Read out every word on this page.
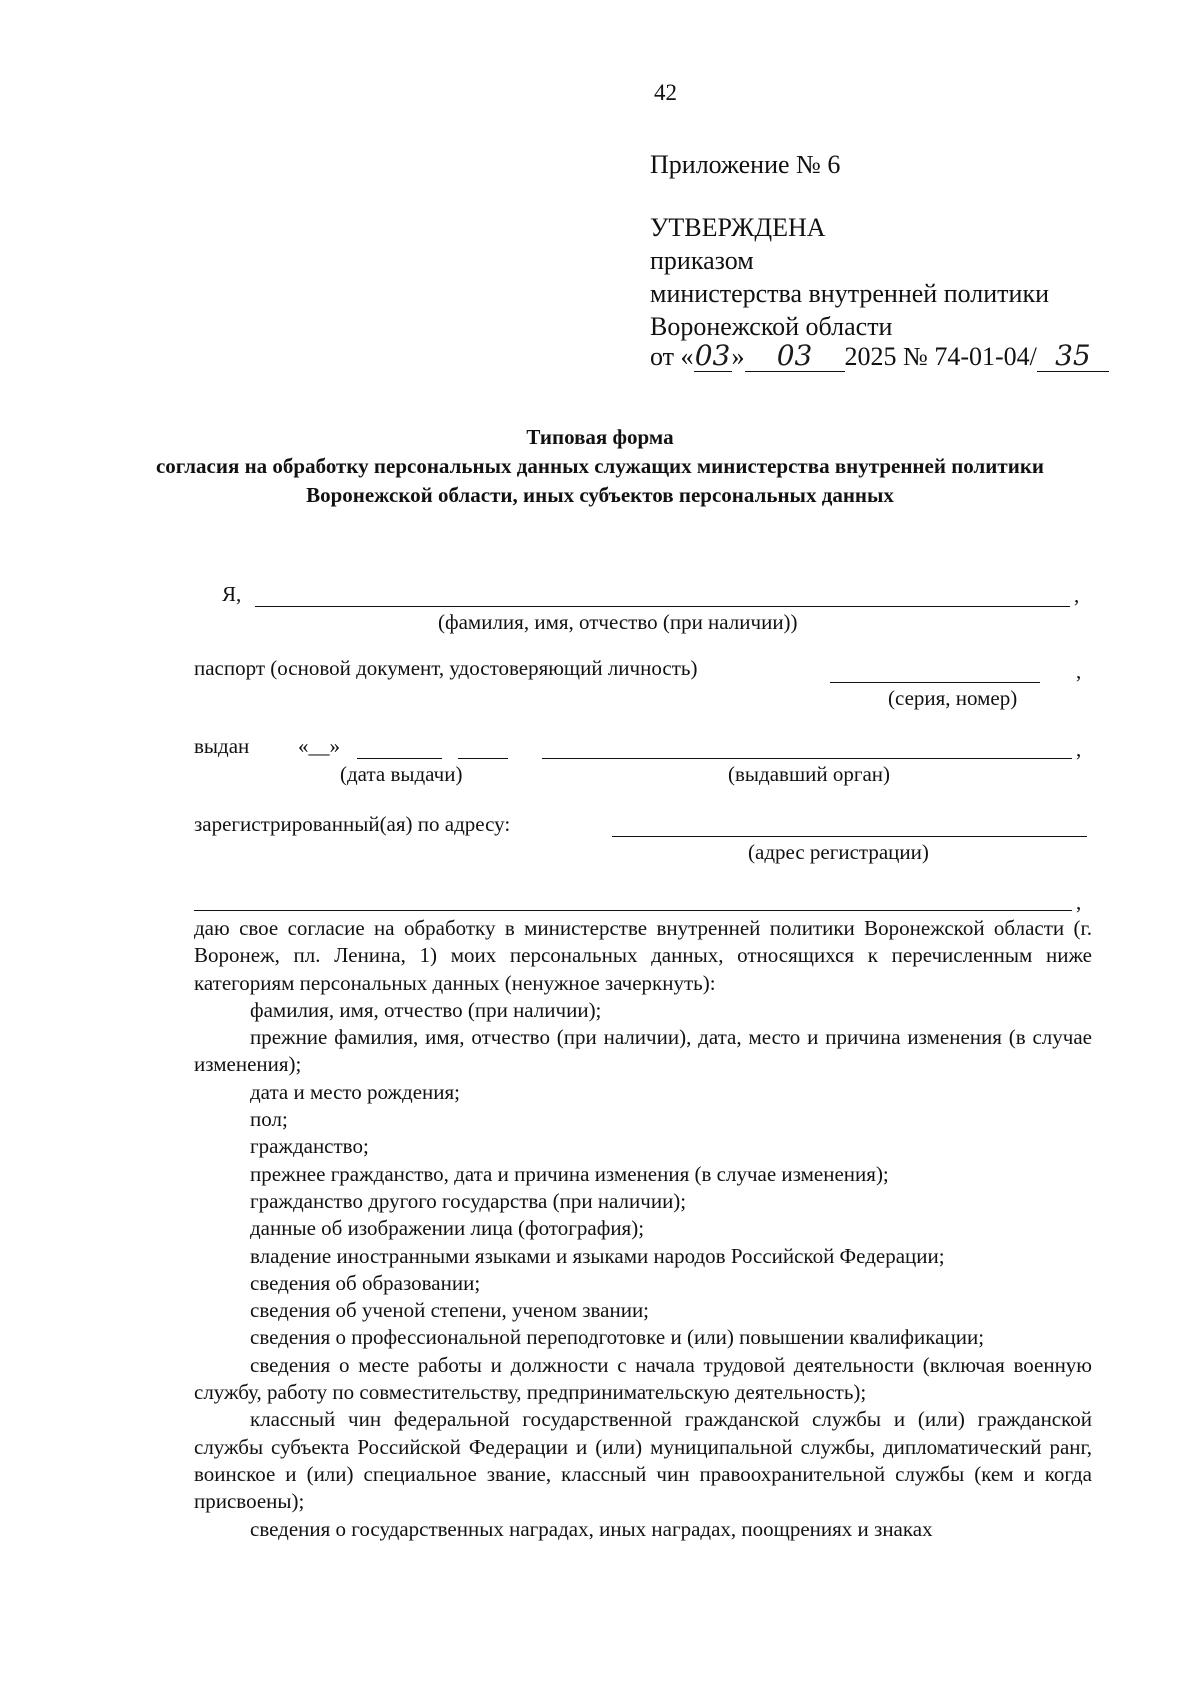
42
Приложение № 6
УТВЕРЖДЕНА
приказом
министерства внутренней политики
Воронежской области
от «03» 03 2025 № 74-01-04/ 35
Типовая форма
согласия на обработку персональных данных служащих министерства внутренней политики Воронежской области, иных субъектов персональных данных
Я,	,
(фамилия, имя, отчество (при наличии))
паспорт (основой документ, удостоверяющий личность)	,
(серия, номер)
выдан «__»	,
(дата выдачи)	(выдавший орган)
зарегистрированный(ая) по адресу:
(адрес регистрации)
,

даю свое согласие на обработку в министерстве внутренней политики Воронежской области (г. Воронеж, пл. Ленина, 1) моих персональных данных, относящихся к перечисленным ниже категориям персональных данных (ненужное зачеркнуть):

фамилия, имя, отчество (при наличии);

прежние фамилия, имя, отчество (при наличии), дата, место и причина изменения (в случае изменения);

дата и место рождения;

пол;

гражданство;

прежнее гражданство, дата и причина изменения (в случае изменения);

гражданство другого государства (при наличии);

данные об изображении лица (фотография);

владение иностранными языками и языками народов Российской Федерации;

сведения об образовании;

сведения об ученой степени, ученом звании;

сведения о профессиональной переподготовке и (или) повышении квалификации;

сведения о месте работы и должности с начала трудовой деятельности (включая военную службу, работу по совместительству, предпринимательскую деятельность);

классный чин федеральной государственной гражданской службы и (или) гражданской службы субъекта Российской Федерации и (или) муниципальной службы, дипломатический ранг, воинское и (или) специальное звание, классный чин правоохранительной службы (кем и когда присвоены);

сведения о государственных наградах, иных наградах, поощрениях и знаках
